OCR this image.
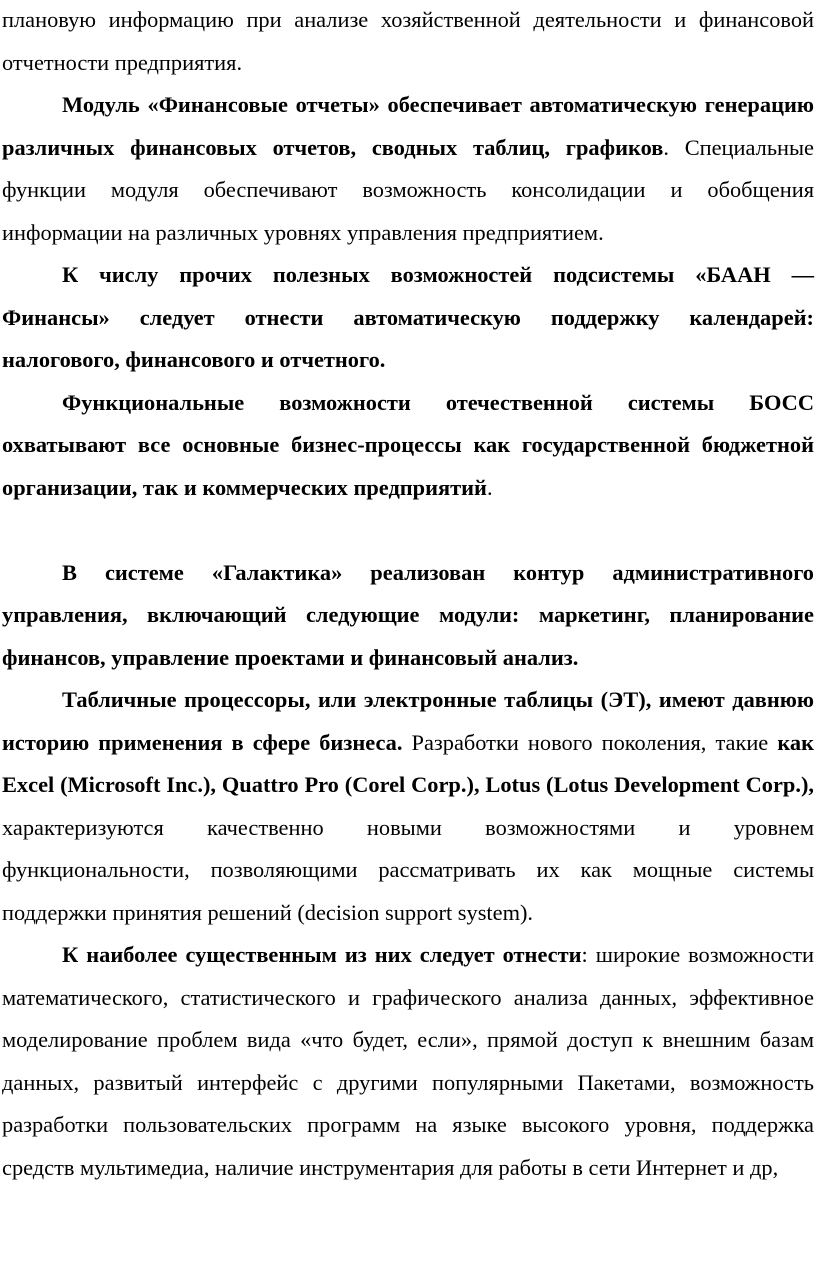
плановую информацию при анализе хозяйственной деятельности и финансовой отчетности предприятия.

Модуль «Финансовые отчеты» обеспечивает автоматическую генерацию различных финансовых отчетов, сводных таблиц, графиков. Специальные функции модуля обеспечивают возможность консолидации и обобщения информации на различных уровнях управления предприятием.

К числу прочих полезных возможностей подсистемы «БААН — Финансы» следует отнести автоматическую поддержку календарей: налогового, финансового и отчетного.

Функциональные возможности отечественной системы БОСС охватывают все основные бизнес-процессы как государственной бюджетной организации, так и коммерческих предприятий.

В системе «Галактика» реализован контур административного управления, включающий следующие модули: маркетинг, планирование финансов, управление проектами и финансовый анализ.

Табличные процессоры, или электронные таблицы (ЭТ), имеют давнюю историю применения в сфере бизнеса. Разработки нового поколения, такие как Excel (Microsoft Inc.), Quattro Pro (Corel Corp.), Lotus (Lotus Development Corp.), характеризуются качественно новыми возможностями и уровнем функциональности, позволяющими рассматривать их как мощные системы поддержки принятия решений (decision support system).

К наиболее существенным из них следует отнести: широкие возможности математического, статистического и графического анализа данных, эффективное моделирование проблем вида «что будет, если», прямой доступ к внешним базам данных, развитый интерфейс с другими популярными Пакетами, возможность разработки пользовательских программ на языке высокого уровня, поддержка средств мультимедиа, наличие инструментария для работы в сети Интернет и др,
